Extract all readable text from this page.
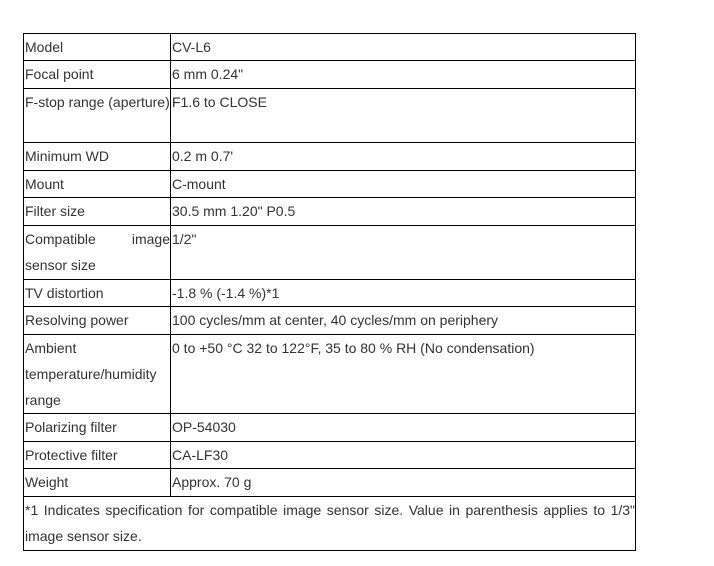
Model	CV-L6
Focal point	6 mm 0.24"
F-stop range (aperture)	F1.6 to CLOSE
Minimum WD	0.2 m 0.7'
Mount	C-mount
Filter size	30.5 mm 1.20" P0.5
Compatible image sensor size	1/2"
TV distortion	-1.8 % (-1.4 %)*1
Resolving power	100 cycles/mm at center, 40 cycles/mm on periphery
Ambient temperature/humidity range	0 to +50 °C 32 to 122°F, 35 to 80 % RH (No condensation)
Polarizing filter	OP-54030
Protective filter	CA-LF30
Weight	Approx. 70 g
*1 Indicates specification for compatible image sensor size. Value in parenthesis applies to 1/3" image sensor size.	
